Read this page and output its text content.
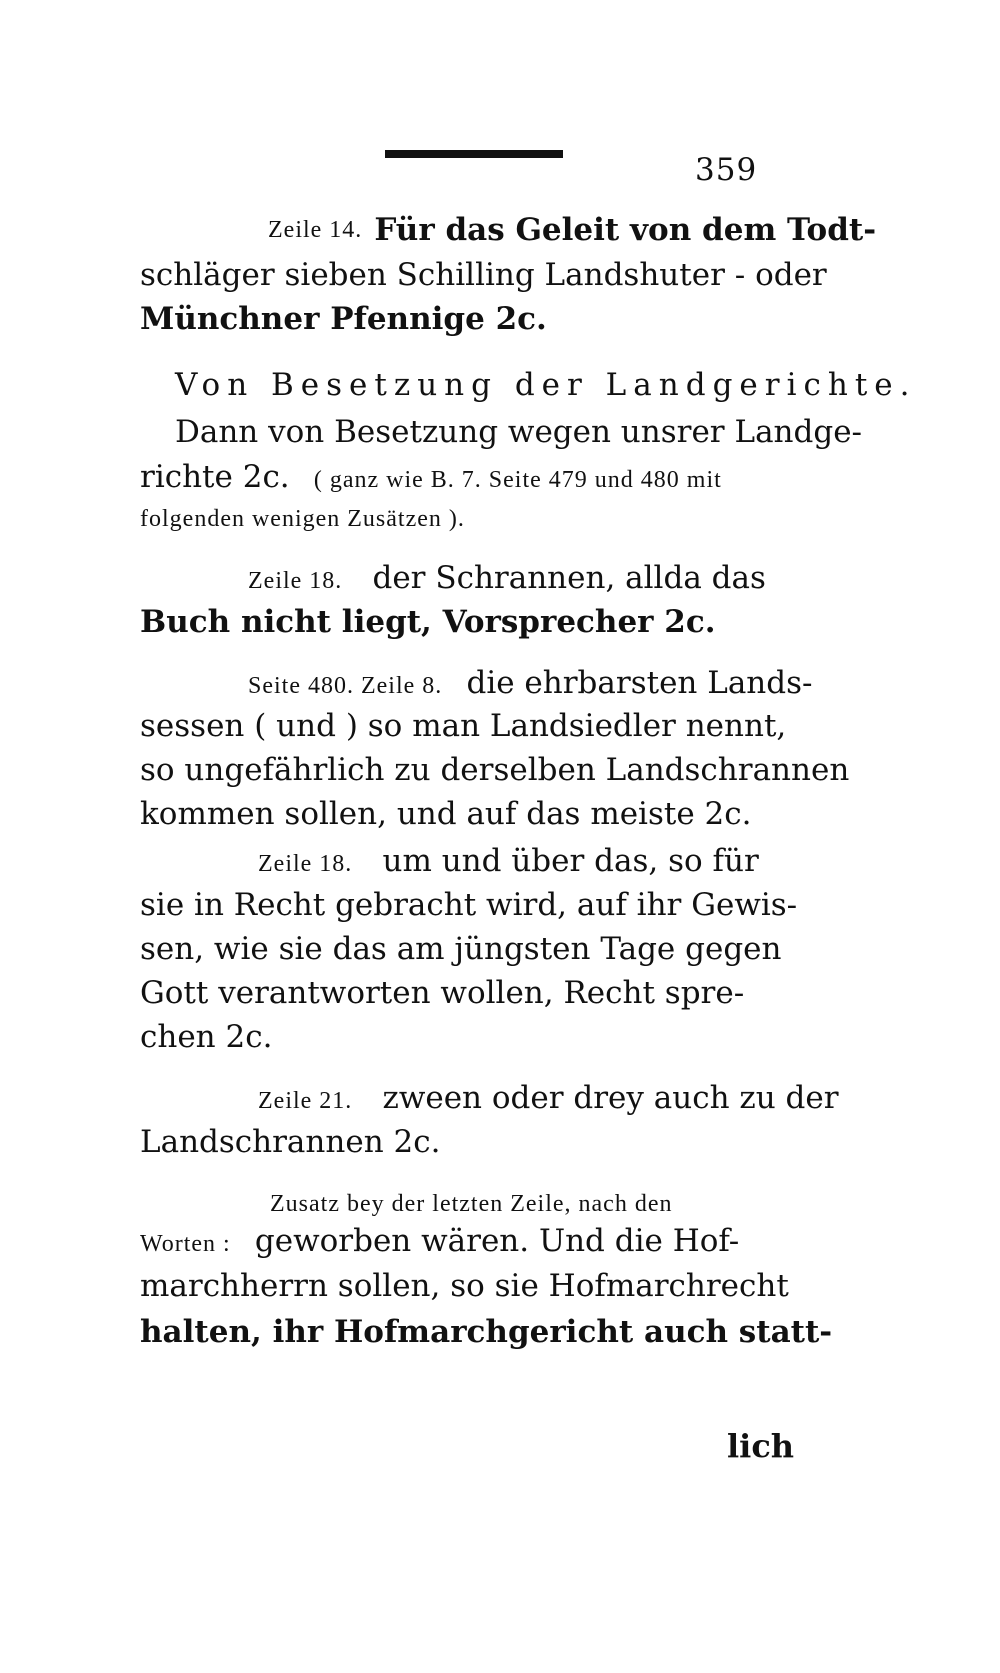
359
Zeile 14. Für das Geleit von dem Todt-
schläger sieben Schilling Landshuter - oder
Münchner Pfennige 2c.
Von Besetzung der Landgerichte.
Dann von Besetzung wegen unsrer Landge-
richte 2c. ( ganz wie B. 7. Seite 479 und 480 mit
folgenden wenigen Zusätzen ).
Zeile 18. der Schrannen, allda das
Buch nicht liegt, Vorsprecher 2c.
Seite 480. Zeile 8. die ehrbarsten Lands-
sessen ( und ) so man Landsiedler nennt,
so ungefährlich zu derselben Landschrannen
kommen sollen, und auf das meiste 2c.
Zeile 18. um und über das, so für
sie in Recht gebracht wird, auf ihr Gewis-
sen, wie sie das am jüngsten Tage gegen
Gott verantworten wollen, Recht spre-
chen 2c.
Zeile 21. zween oder drey auch zu der
Landschrannen 2c.
Zusatz bey der letzten Zeile, nach den
Worten : geworben wären. Und die Hof-
marchherrn sollen, so sie Hofmarchrecht
halten, ihr Hofmarchgericht auch statt-
lich
